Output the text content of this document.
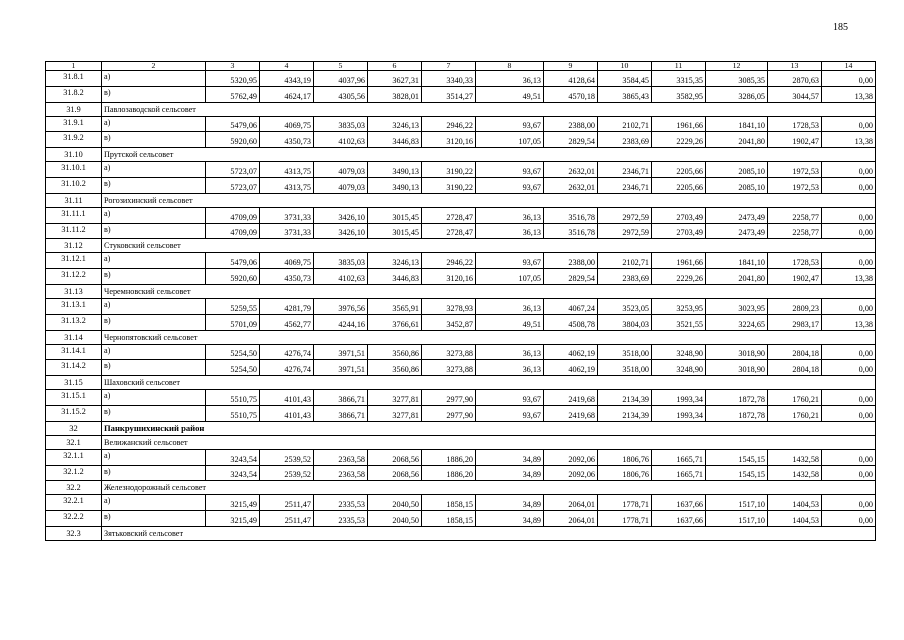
185
1	2	3	4	5	6	7	8	9	10	11	12	13	14
31.8.1	а)	5320,95	4343,19	4037,96	3627,31	3340,33	36,13	4128,64	3584,45	3315,35	3085,35	2870,63	0,00
31.8.2	в)	5762,49	4624,17	4305,56	3828,01	3514,27	49,51	4570,18	3865,43	3582,95	3286,05	3044,57	13,38
31.9	Павлозаводской сельсовет												
31.9.1	а)	5479,06	4069,75	3835,03	3246,13	2946,22	93,67	2388,00	2102,71	1961,66	1841,10	1728,53	0,00
31.9.2	в)	5920,60	4350,73	4102,63	3446,83	3120,16	107,05	2829,54	2383,69	2229,26	2041,80	1902,47	13,38
31.10	Прутской сельсовет												
31.10.1	а)	5723,07	4313,75	4079,03	3490,13	3190,22	93,67	2632,01	2346,71	2205,66	2085,10	1972,53	0,00
31.10.2	в)	5723,07	4313,75	4079,03	3490,13	3190,22	93,67	2632,01	2346,71	2205,66	2085,10	1972,53	0,00
31.11	Рогозихинский сельсовет												
31.11.1	а)	4709,09	3731,33	3426,10	3015,45	2728,47	36,13	3516,78	2972,59	2703,49	2473,49	2258,77	0,00
31.11.2	в)	4709,09	3731,33	3426,10	3015,45	2728,47	36,13	3516,78	2972,59	2703,49	2473,49	2258,77	0,00
31.12	Стуковский сельсовет												
31.12.1	а)	5479,06	4069,75	3835,03	3246,13	2946,22	93,67	2388,00	2102,71	1961,66	1841,10	1728,53	0,00
31.12.2	в)	5920,60	4350,73	4102,63	3446,83	3120,16	107,05	2829,54	2383,69	2229,26	2041,80	1902,47	13,38
31.13	Черемновский сельсовет												
31.13.1	а)	5259,55	4281,79	3976,56	3565,91	3278,93	36,13	4067,24	3523,05	3253,95	3023,95	2809,23	0,00
31.13.2	в)	5701,09	4562,77	4244,16	3766,61	3452,87	49,51	4508,78	3804,03	3521,55	3224,65	2983,17	13,38
31.14	Чернопятовский сельсовет												
31.14.1	а)	5254,50	4276,74	3971,51	3560,86	3273,88	36,13	4062,19	3518,00	3248,90	3018,90	2804,18	0,00
31.14.2	в)	5254,50	4276,74	3971,51	3560,86	3273,88	36,13	4062,19	3518,00	3248,90	3018,90	2804,18	0,00
31.15	Шаховский сельсовет												
31.15.1	а)	5510,75	4101,43	3866,71	3277,81	2977,90	93,67	2419,68	2134,39	1993,34	1872,78	1760,21	0,00
31.15.2	в)	5510,75	4101,43	3866,71	3277,81	2977,90	93,67	2419,68	2134,39	1993,34	1872,78	1760,21	0,00
32	Панкрушихинский район												
32.1	Велижанский сельсовет												
32.1.1	а)	3243,54	2539,52	2363,58	2068,56	1886,20	34,89	2092,06	1806,76	1665,71	1545,15	1432,58	0,00
32.1.2	в)	3243,54	2539,52	2363,58	2068,56	1886,20	34,89	2092,06	1806,76	1665,71	1545,15	1432,58	0,00
32.2	Железнодорожный сельсовет												
32.2.1	а)	3215,49	2511,47	2335,53	2040,50	1858,15	34,89	2064,01	1778,71	1637,66	1517,10	1404,53	0,00
32.2.2	в)	3215,49	2511,47	2335,53	2040,50	1858,15	34,89	2064,01	1778,71	1637,66	1517,10	1404,53	0,00
32.3	Зятьковский сельсовет												
